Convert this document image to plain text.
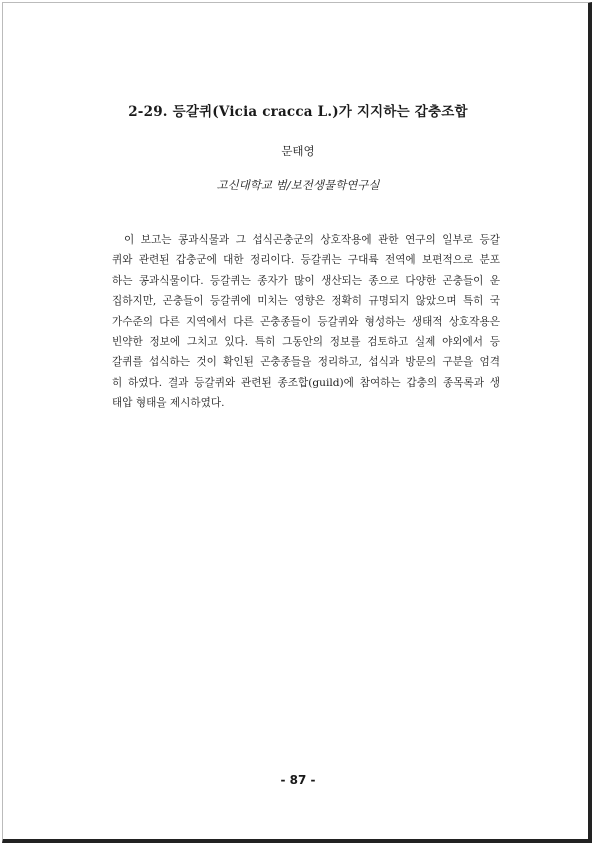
2-29. 등갈퀴(Vicia cracca L.)가 지지하는 갑충조합
문태영
고신대학교 범/보전생물학연구실
이 보고는 콩과식물과 그 섭식곤충군의 상호작용에 관한 연구의 일부로 등갈
퀴와 관련된 갑충군에 대한 정리이다. 등갈퀴는 구대륙 전역에 보편적으로 분포
하는 콩과식물이다. 등갈퀴는 종자가 많이 생산되는 종으로 다양한 곤충들이 운
집하지만, 곤충들이 등갈퀴에 미치는 영향은 정확히 규명되지 않았으며 특히 국
가수준의 다른 지역에서 다른 곤충종들이 등갈퀴와 형성하는 생태적 상호작용은
빈약한 정보에 그치고 있다. 특히 그동안의 정보를 검토하고 실제 야외에서 등
갈퀴를 섭식하는 것이 확인된 곤충종들을 정리하고, 섭식과 방문의 구분을 엄격
히 하였다. 결과 등갈퀴와 관련된 종조합(guild)에 참여하는 갑충의 종목록과 생
태압 형태을 제시하였다.
- 87 -
